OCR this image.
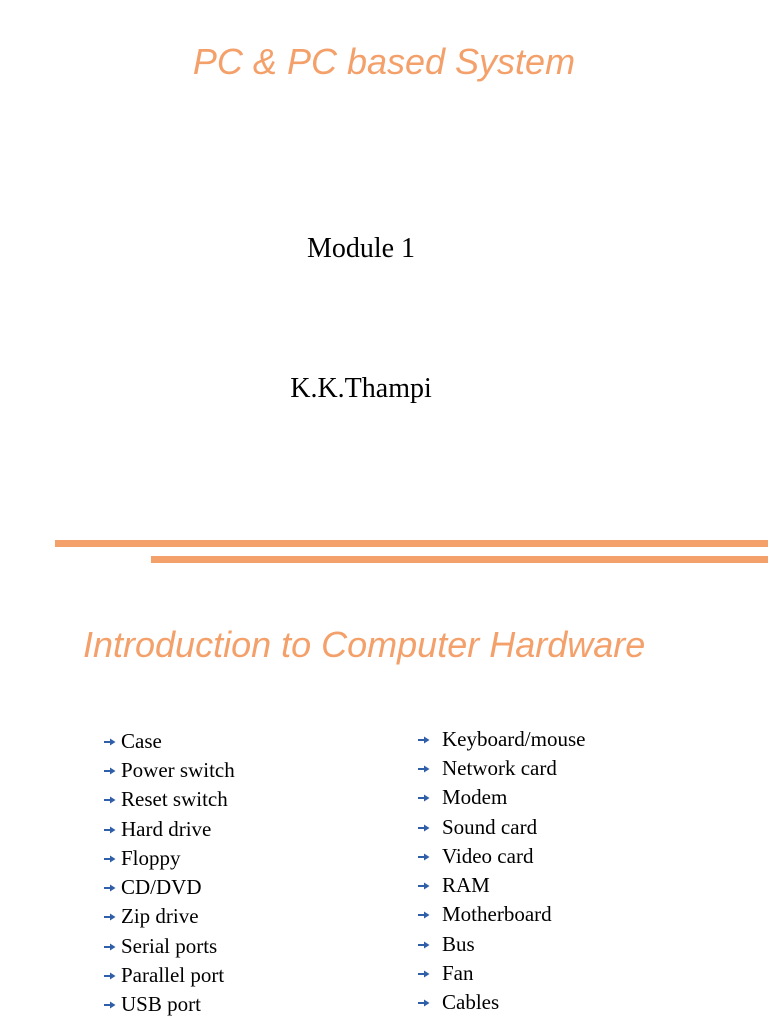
PC & PC based System
Module 1
K.K.Thampi
Introduction to Computer Hardware
Case
Power switch
Reset switch
Hard drive
Floppy
CD/DVD
Zip drive
Serial ports
Parallel port
USB port
Keyboard/mouse
Network card
Modem
Sound card
Video card
RAM
Motherboard
Bus
Fan
Cables
